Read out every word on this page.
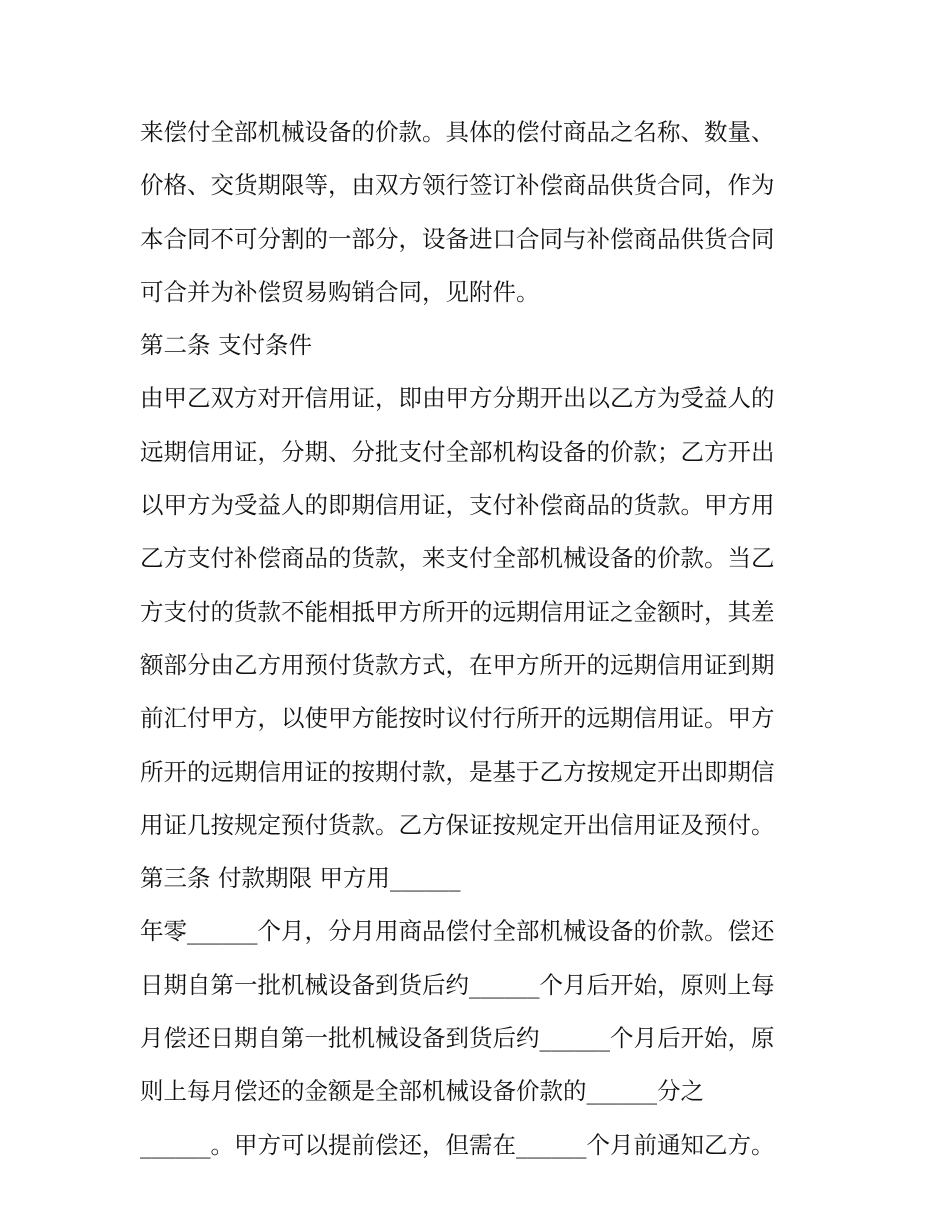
来偿付全部机械设备的价款。具体的偿付商品之名称、数量、
价格、交货期限等，由双方领行签订补偿商品供货合同，作为
本合同不可分割的一部分，设备进口合同与补偿商品供货合同
可合并为补偿贸易购销合同，见附件。
第二条 支付条件
由甲乙双方对开信用证，即由甲方分期开出以乙方为受益人的
远期信用证，分期、分批支付全部机构设备的价款；乙方开出
以甲方为受益人的即期信用证，支付补偿商品的货款。甲方用
乙方支付补偿商品的货款，来支付全部机械设备的价款。当乙
方支付的货款不能相抵甲方所开的远期信用证之金额时，其差
额部分由乙方用预付货款方式，在甲方所开的远期信用证到期
前汇付甲方，以使甲方能按时议付行所开的远期信用证。甲方
所开的远期信用证的按期付款，是基于乙方按规定开出即期信
用证几按规定预付货款。乙方保证按规定开出信用证及预付。
第三条 付款期限 甲方用______
年零______个月，分月用商品偿付全部机械设备的价款。偿还
日期自第一批机械设备到货后约______个月后开始，原则上每
月偿还日期自第一批机械设备到货后约______个月后开始，原
则上每月偿还的金额是全部机械设备价款的______分之
______。甲方可以提前偿还，但需在______个月前通知乙方。
